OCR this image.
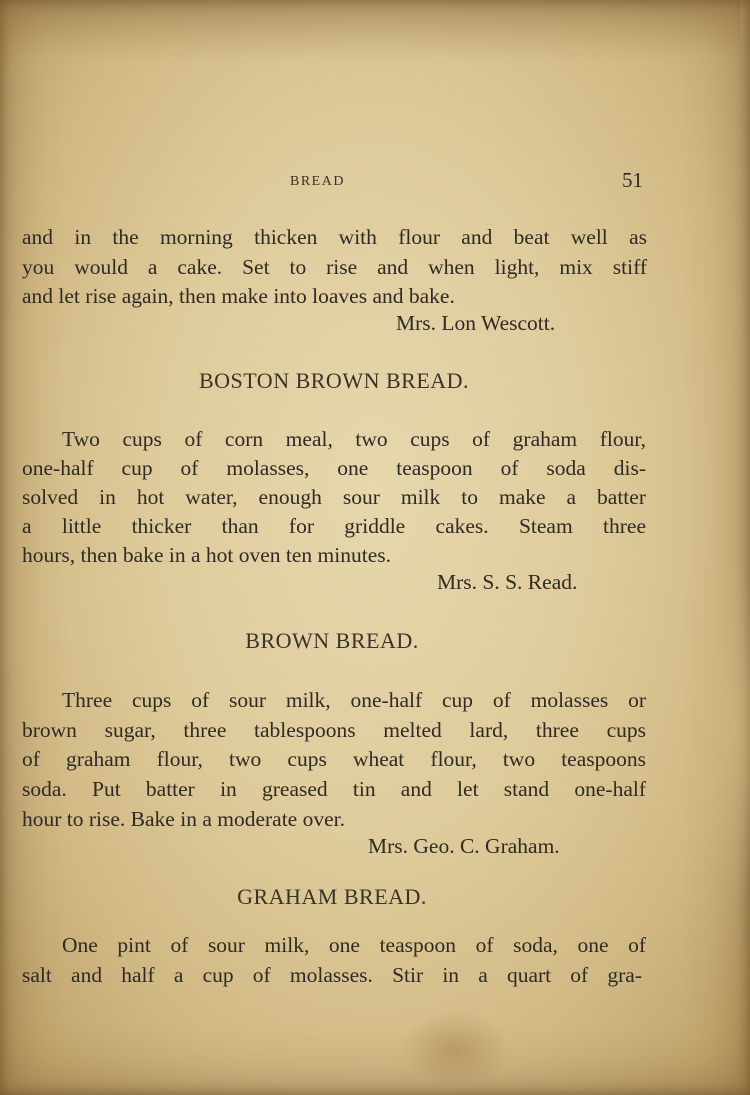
BREAD	51
and in the morning thicken with flour and beat well as
you would a cake. Set to rise and when light, mix stiff
and let rise again, then make into loaves and bake.
Mrs. Lon Wescott.
BOSTON BROWN BREAD.
Two cups of corn meal, two cups of graham flour,
one-half cup of molasses, one teaspoon of soda dis-
solved in hot water, enough sour milk to make a batter
a little thicker than for griddle cakes. Steam three
hours, then bake in a hot oven ten minutes.
Mrs. S. S. Read.
BROWN BREAD.
Three cups of sour milk, one-half cup of molasses or
brown sugar, three tablespoons melted lard, three cups
of graham flour, two cups wheat flour, two teaspoons
soda. Put batter in greased tin and let stand one-half
hour to rise. Bake in a moderate over.
Mrs. Geo. C. Graham.
GRAHAM BREAD.
One pint of sour milk, one teaspoon of soda, one of
salt and half a cup of molasses. Stir in a quart of gra-
